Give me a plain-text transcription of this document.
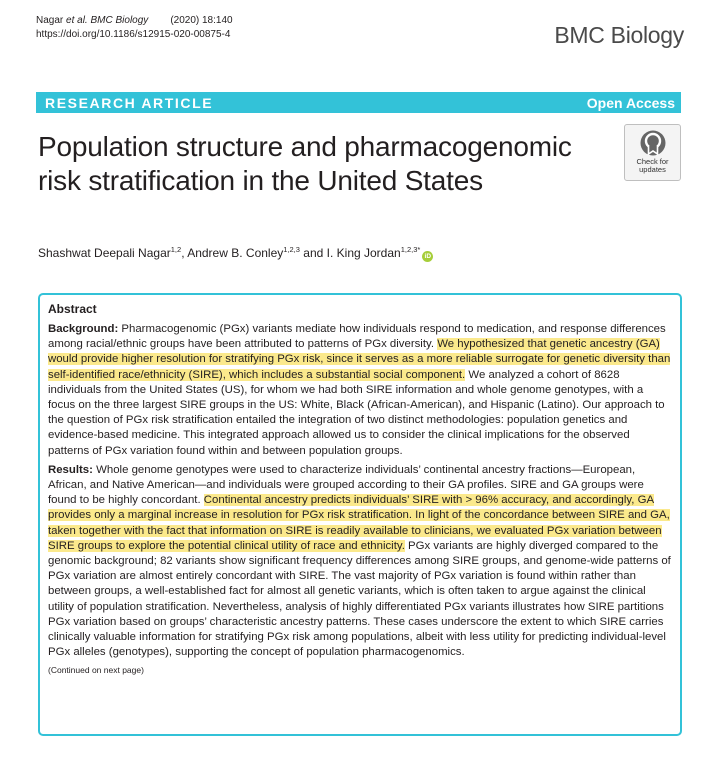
Nagar et al. BMC Biology (2020) 18:140
https://doi.org/10.1186/s12915-020-00875-4	BMC Biology
RESEARCH ARTICLE	Open Access
Population structure and pharmacogenomic risk stratification in the United States
Check for
updates
Shashwat Deepali Nagar$^{1,2}$, Andrew B. Conley$^{1,2,3}$ and I. King Jordan$^{1,2,3*}$iD
Abstract

Background: Pharmacogenomic (PGx) variants mediate how individuals respond to medication, and response differences among racial/ethnic groups have been attributed to patterns of PGx diversity. We hypothesized that genetic ancestry (GA) would provide higher resolution for stratifying PGx risk, since it serves as a more reliable surrogate for genetic diversity than self-identified race/ethnicity (SIRE), which includes a substantial social component. We analyzed a cohort of 8628 individuals from the United States (US), for whom we had both SIRE information and whole genome genotypes, with a focus on the three largest SIRE groups in the US: White, Black (African-American), and Hispanic (Latino). Our approach to the question of PGx risk stratification entailed the integration of two distinct methodologies: population genetics and evidence-based medicine. This integrated approach allowed us to consider the clinical implications for the observed patterns of PGx variation found within and between population groups.

Results: Whole genome genotypes were used to characterize individuals’ continental ancestry fractions—European, African, and Native American—and individuals were grouped according to their GA profiles. SIRE and GA groups were found to be highly concordant. Continental ancestry predicts individuals’ SIRE with > 96% accuracy, and accordingly, GA provides only a marginal increase in resolution for PGx risk stratification. In light of the concordance between SIRE and GA, taken together with the fact that information on SIRE is readily available to clinicians, we evaluated PGx variation between SIRE groups to explore the potential clinical utility of race and ethnicity. PGx variants are highly diverged compared to the genomic background; 82 variants show significant frequency differences among SIRE groups, and genome-wide patterns of PGx variation are almost entirely concordant with SIRE. The vast majority of PGx variation is found within rather than between groups, a well-established fact for almost all genetic variants, which is often taken to argue against the clinical utility of population stratification. Nevertheless, analysis of highly differentiated PGx variants illustrates how SIRE partitions PGx variation based on groups’ characteristic ancestry patterns. These cases underscore the extent to which SIRE carries clinically valuable information for stratifying PGx risk among populations, albeit with less utility for predicting individual-level PGx alleles (genotypes), supporting the concept of population pharmacogenomics.

(Continued on next page)
